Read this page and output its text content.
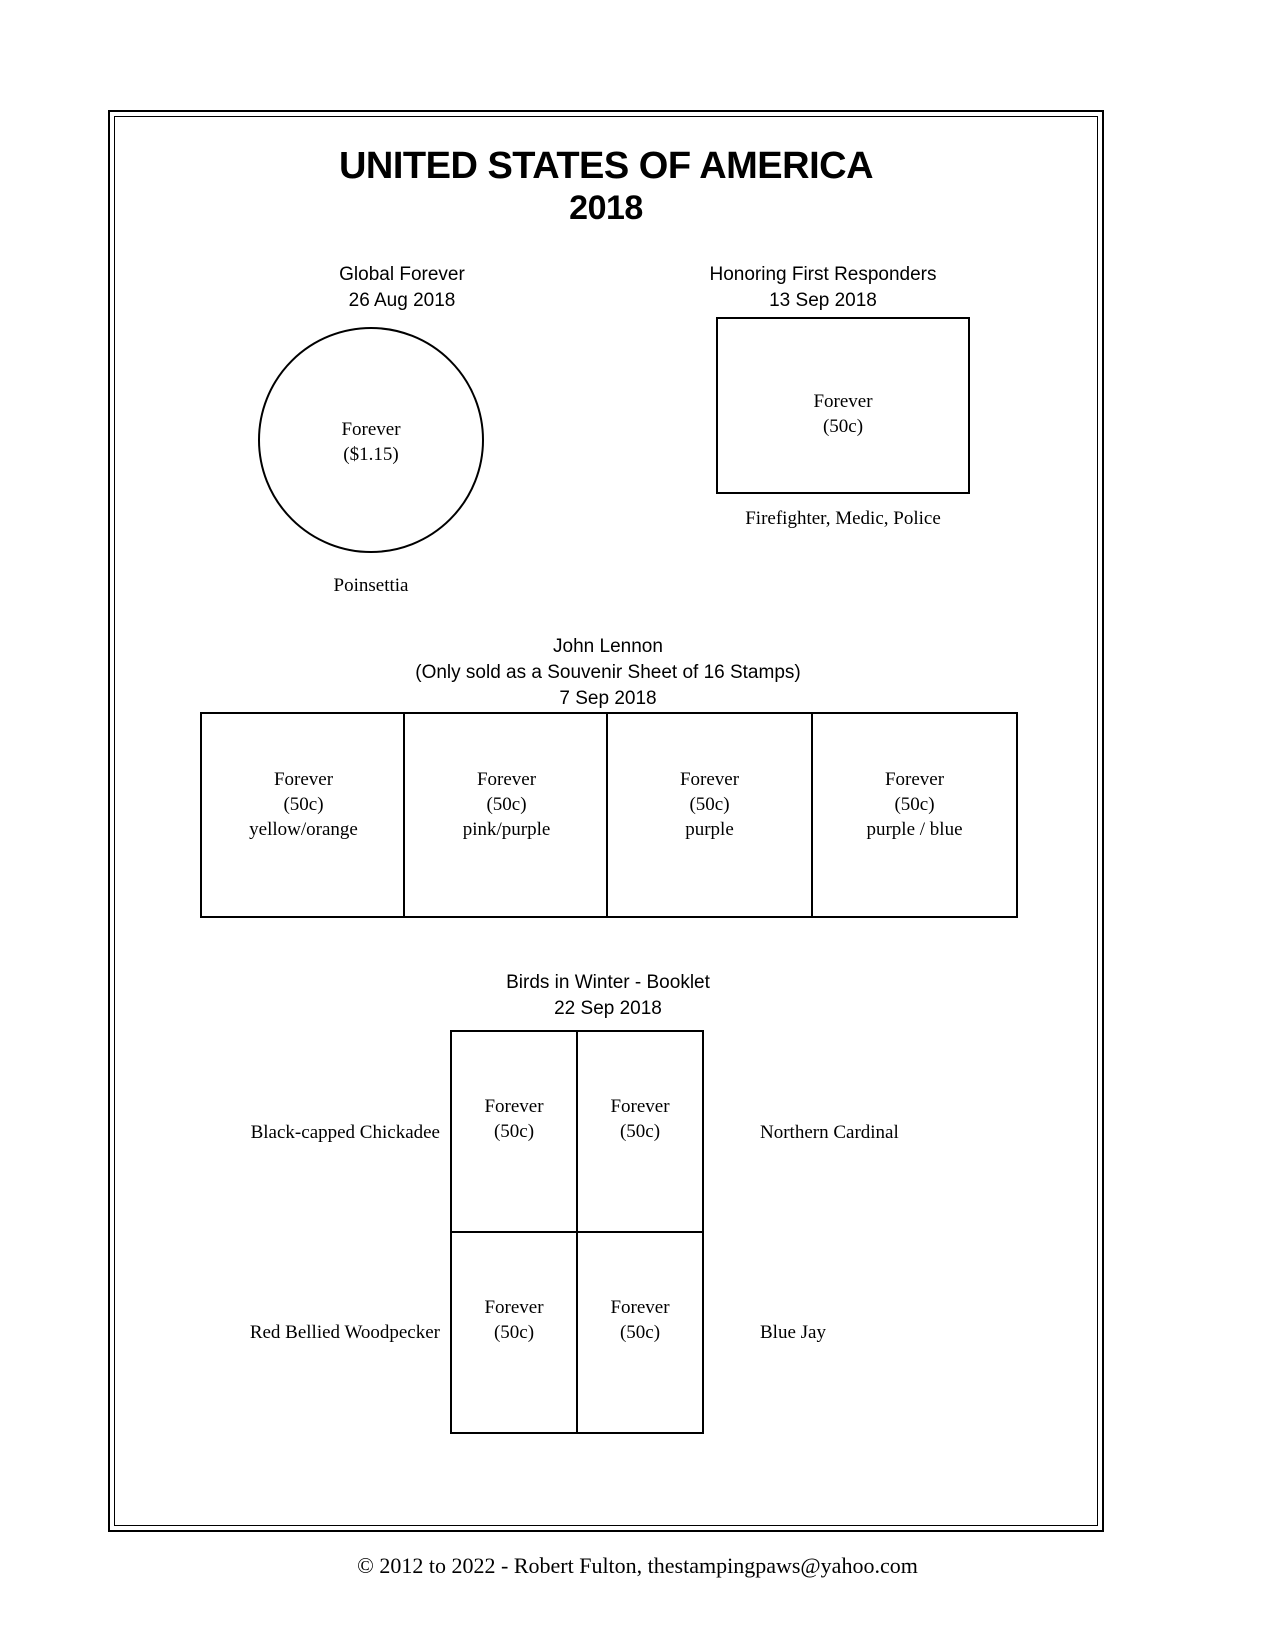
UNITED STATES OF AMERICA
2018
Global Forever
26 Aug 2018
Forever
($1.15)
Poinsettia
Honoring First Responders
13 Sep 2018
Forever
(50c)
Firefighter, Medic, Police
John Lennon
(Only sold as a Souvenir Sheet of 16 Stamps)
7 Sep 2018
Forever
(50c)
yellow/orange
Forever
(50c)
pink/purple
Forever
(50c)
purple
Forever
(50c)
purple / blue
Birds in Winter - Booklet
22 Sep 2018
Forever
(50c)
Forever
(50c)
Forever
(50c)
Forever
(50c)
Black-capped Chickadee	Northern Cardinal
Red Bellied Woodpecker	Blue Jay
© 2012 to 2022 - Robert Fulton, thestampingpaws@yahoo.com
